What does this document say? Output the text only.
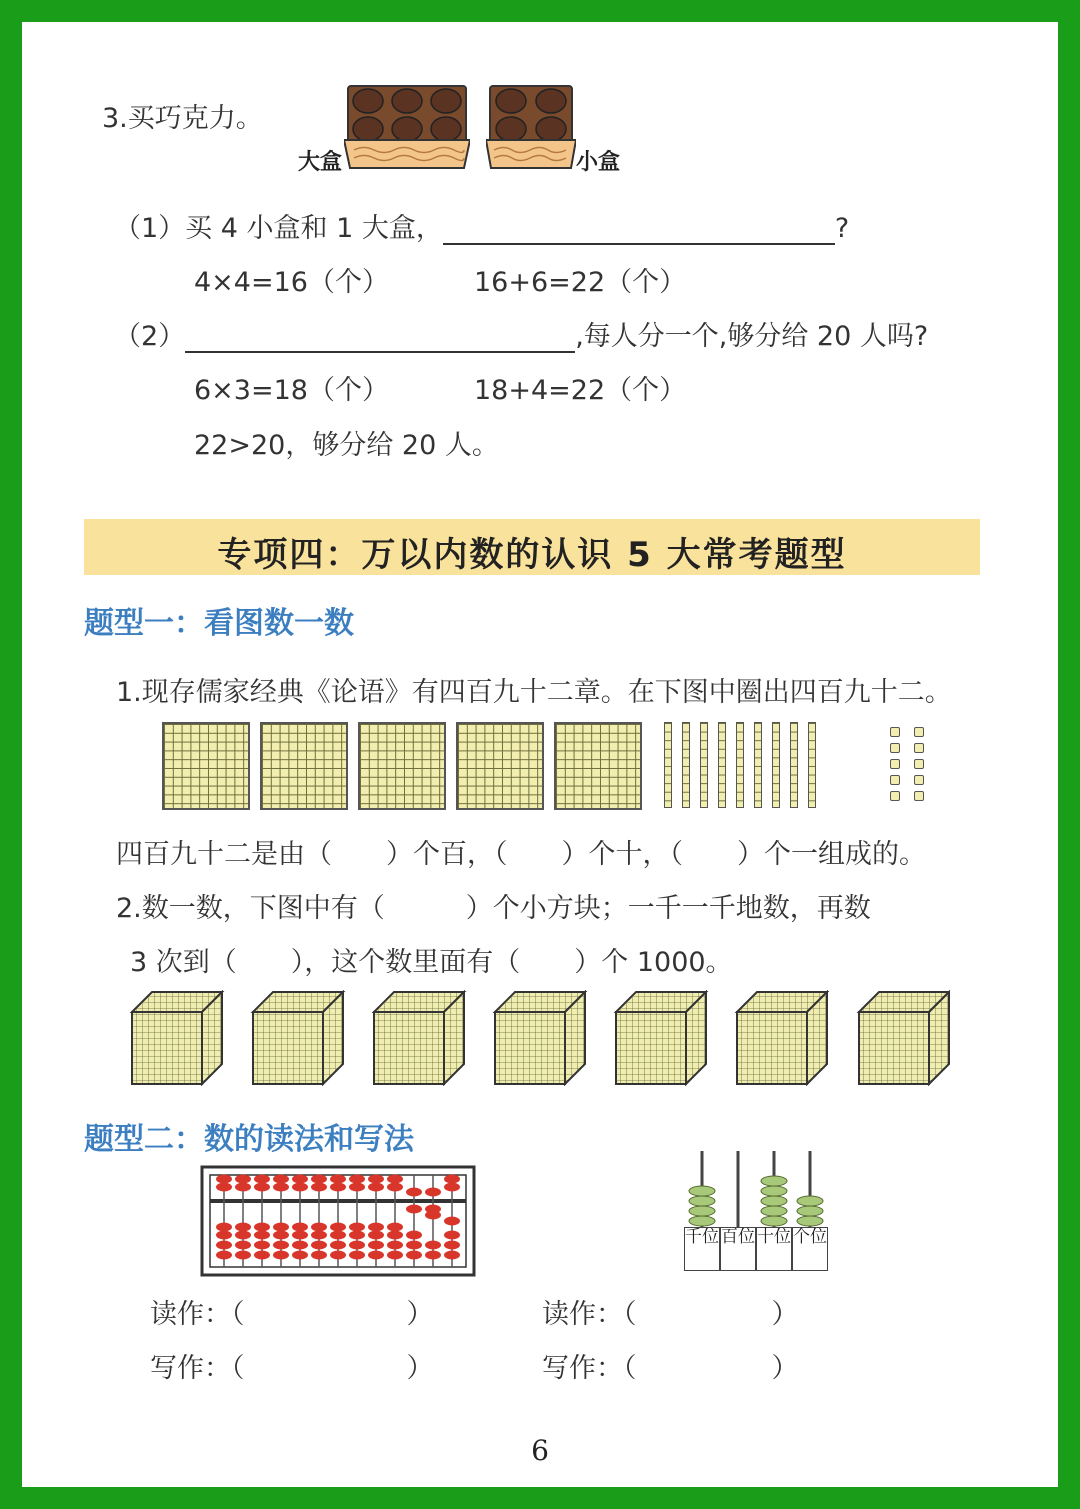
3.买巧克力。
大盒	小盒
（1）买 4 小盒和 1 大盒，	?
4×4=16（个）	16+6=22（个）
（2）	,每人分一个,够分给 20 人吗?
6×3=18（个）	18+4=22（个）
22>20，够分给 20 人。
专项四：万以内数的认识 5 大常考题型
题型一：看图数一数
1.现存儒家经典《论语》有四百九十二章。在下图中圈出四百九十二。
四百九十二是由（　　）个百，（　　）个十，（　　）个一组成的。
2.数一数，下图中有（　　　）个小方块；一千一千地数，再数
3 次到（　　），这个数里面有（　　）个 1000。
题型二：数的读法和写法
千位 百位 十位 个位
读作：（　　　　　　）
写作：（　　　　　　）
读作：（　　　　　）
写作：（　　　　　）
6
